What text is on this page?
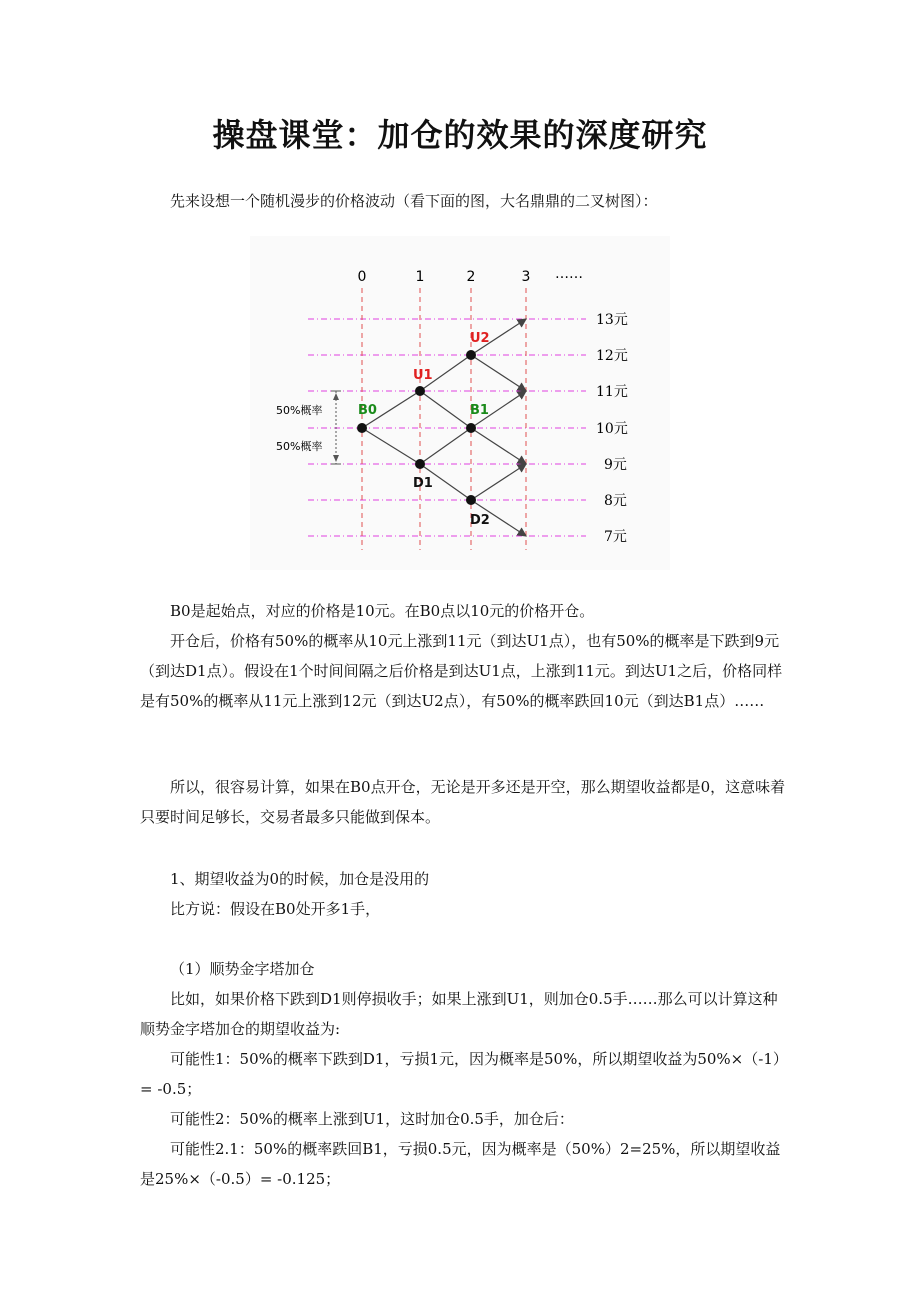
操盘课堂：加仓的效果的深度研究

先来设想一个随机漫步的价格波动（看下面的图，大名鼎鼎的二叉树图）：

0	1	2	3 ……
13元
12元
11元
10元
9元
8元
7元
50%概率
50%概率
B0
U1
D1
U2
B1
D2

B0是起始点，对应的价格是10元。在B0点以10元的价格开仓。

开仓后，价格有50%的概率从10元上涨到11元（到达U1点），也有50%的概率是下跌到9元（到达D1点）。假设在1个时间间隔之后价格是到达U1点，上涨到11元。到达U1之后，价格同样是有50%的概率从11元上涨到12元（到达U2点），有50%的概率跌回10元（到达B1点）……

所以，很容易计算，如果在B0点开仓，无论是开多还是开空，那么期望收益都是0，这意味着只要时间足够长，交易者最多只能做到保本。

1、期望收益为0的时候，加仓是没用的

比方说：假设在B0处开多1手，

（1）顺势金字塔加仓

比如，如果价格下跌到D1则停损收手；如果上涨到U1，则加仓0.5手……那么可以计算这种顺势金字塔加仓的期望收益为:

可能性1：50%的概率下跌到D1，亏损1元，因为概率是50%，所以期望收益为50%×（-1）= -0.5；

可能性2：50%的概率上涨到U1，这时加仓0.5手，加仓后：

可能性2.1：50%的概率跌回B1，亏损0.5元，因为概率是（50%）2=25%，所以期望收益是25%×（-0.5）= -0.125；
